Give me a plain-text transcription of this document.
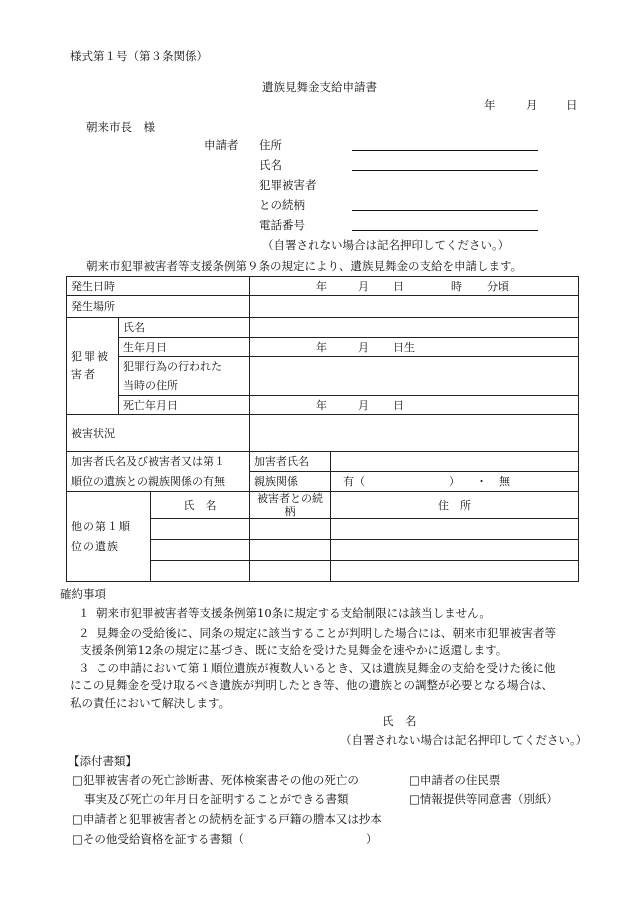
様式第１号（第３条関係）
遺族見舞金支給申請書
年	月 日
朝来市長　様
申請者 住所
氏名
犯罪被害者
との続柄
電話番号
（自署されない場合は記名押印してください。）
朝来市犯罪被害者等支援条例第９条の規定により、遺族見舞金の支給を申請します。
発生日時			年 月 日 時 分頃	

発生場所				

犯罪被害者	氏名			
	生年月日		年 月 日生	

	犯罪行為の行われた			
	当時の住所			
	死亡年月日		年 月 日	

被害状況				
加害者氏名及び被害者又は第１			加害者氏名	
順位の遺族との親族関係の有無			親族関係	有（ ） ・ 無

他の第１順位の遺族		氏　名	被害者との続柄	住　所

確約事項
１ 朝来市犯罪被害者等支援条例第10条に規定する支給制限には該当しません。
２ 見舞金の受給後に、同条の規定に該当することが判明した場合には、朝来市犯罪被害者等
支援条例第12条の規定に基づき、既に支給を受けた見舞金を速やかに返還します。
３ この申請において第１順位遺族が複数人いるとき、又は遺族見舞金の支給を受けた後に他
にこの見舞金を受け取るべき遺族が判明したとき等、他の遺族との調整が必要となる場合は、
私の責任において解決します。
氏　名
（自署されない場合は記名押印してください。）
【添付書類】
□犯罪被害者の死亡診断書、死体検案書その他の死亡の
事実及び死亡の年月日を証明することができる書類
□申請者の住民票
□情報提供等同意書（別紙）
□申請者と犯罪被害者との続柄を証する戸籍の謄本又は抄本
□その他受給資格を証する書類（	）
